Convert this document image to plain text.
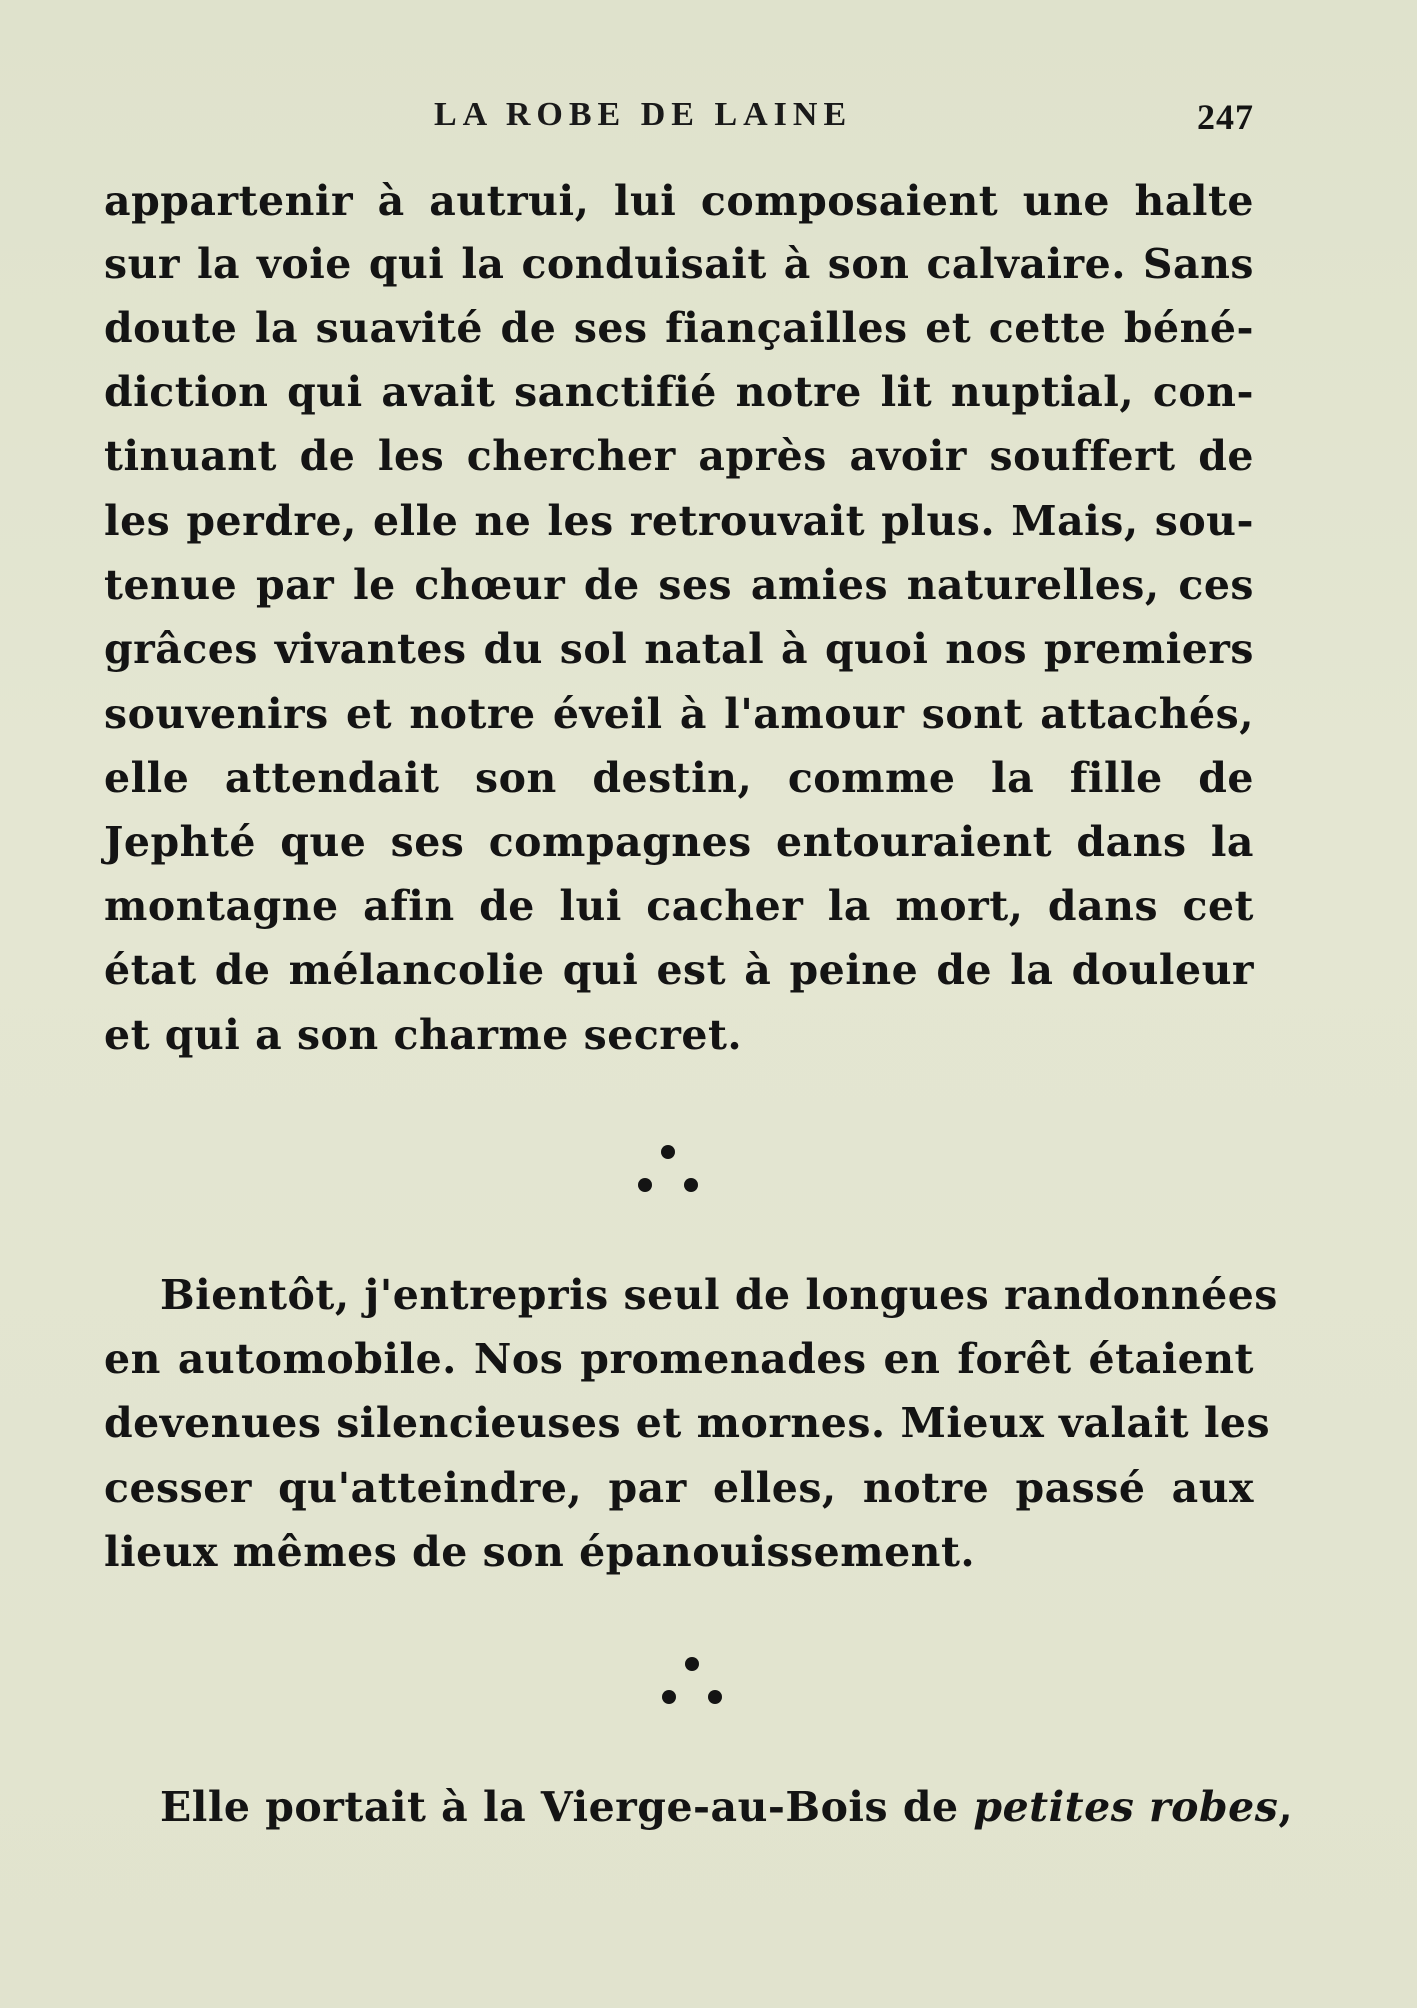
LA ROBE DE LAINE	247
appartenir à autrui, lui composaient une halte
sur la voie qui la conduisait à son calvaire. Sans
doute la suavité de ses fiançailles et cette béné-
diction qui avait sanctifié notre lit nuptial, con-
tinuant de les chercher après avoir souffert de
les perdre, elle ne les retrouvait plus. Mais, sou-
tenue par le chœur de ses amies naturelles, ces
grâces vivantes du sol natal à quoi nos premiers
souvenirs et notre éveil à l'amour sont attachés,
elle attendait son destin, comme la fille de
Jephté que ses compagnes entouraient dans la
montagne afin de lui cacher la mort, dans cet
état de mélancolie qui est à peine de la douleur
et qui a son charme secret.
Bientôt, j'entrepris seul de longues randonnées
en automobile. Nos promenades en forêt étaient
devenues silencieuses et mornes. Mieux valait les
cesser qu'atteindre, par elles, notre passé aux
lieux mêmes de son épanouissement.
Elle portait à la Vierge-au-Bois de petites robes,
